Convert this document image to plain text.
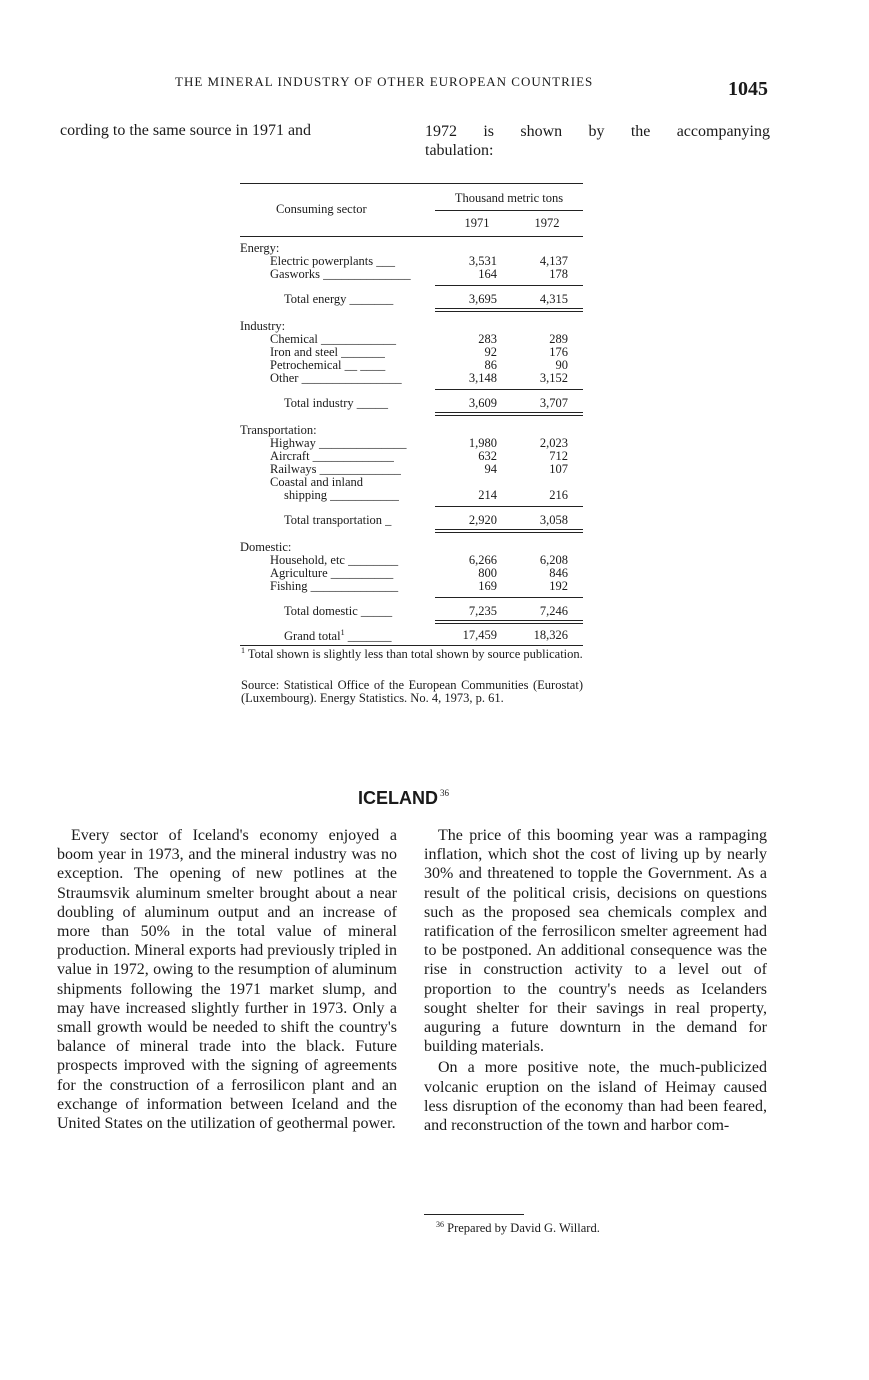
THE MINERAL INDUSTRY OF OTHER EUROPEAN COUNTRIES	1045
cording to the same source in 1971 and	1972 is shown by the accompanying
tabulation:
Consuming sector
Thousand metric tons
1971	1972
Energy:
Electric powerplants ___	3,531	4,137
Gasworks ______________	164	178
Total energy _______	3,695	4,315
Industry:
Chemical ____________	283	289
Iron and steel _______	92	176
Petrochemical __ ____	86	90
Other ________________	3,148	3,152
Total industry _____	3,609	3,707
Transportation:
Highway ______________	1,980	2,023
Aircraft _____________	632	712
Railways _____________	94	107
Coastal and inland
shipping ___________	214	216
Total transportation _	2,920	3,058
Domestic:
Household, etc ________	6,266	6,208
Agriculture __________	800	846
Fishing ______________	169	192
Total domestic _____	7,235	7,246
Grand total$^1$ _______	17,459	18,326
$^1$ Total shown is slightly less than total shown by source publication.
Source: Statistical Office of the European Communities (Eurostat) (Luxembourg). Energy Statistics. No. 4, 1973, p. 61.
ICELAND $^{36}$

Every sector of Iceland's economy enjoyed a boom year in 1973, and the mineral industry was no exception. The opening of new potlines at the Straumsvik aluminum smelter brought about a near doubling of aluminum output and an increase of more than 50% in the total value of mineral production. Mineral exports had previously tripled in value in 1972, owing to the resumption of aluminum shipments following the 1971 market slump, and may have increased slightly further in 1973. Only a small growth would be needed to shift the country's balance of mineral trade into the black. Future prospects improved with the signing of agreements for the construction of a ferrosilicon plant and an exchange of information between Iceland and the United States on the utilization of geothermal power.

The price of this booming year was a rampaging inflation, which shot the cost of living up by nearly 30% and threatened to topple the Government. As a result of the political crisis, decisions on questions such as the proposed sea chemicals complex and ratification of the ferrosilicon smelter agreement had to be postponed. An additional consequence was the rise in construction activity to a level out of proportion to the country's needs as Icelanders sought shelter for their savings in real property, auguring a future downturn in the demand for building materials.

On a more positive note, the much-publicized volcanic eruption on the island of Heimay caused less disruption of the economy than had been feared, and reconstruction of the town and harbor com-

$^{36}$ Prepared by David G. Willard.
